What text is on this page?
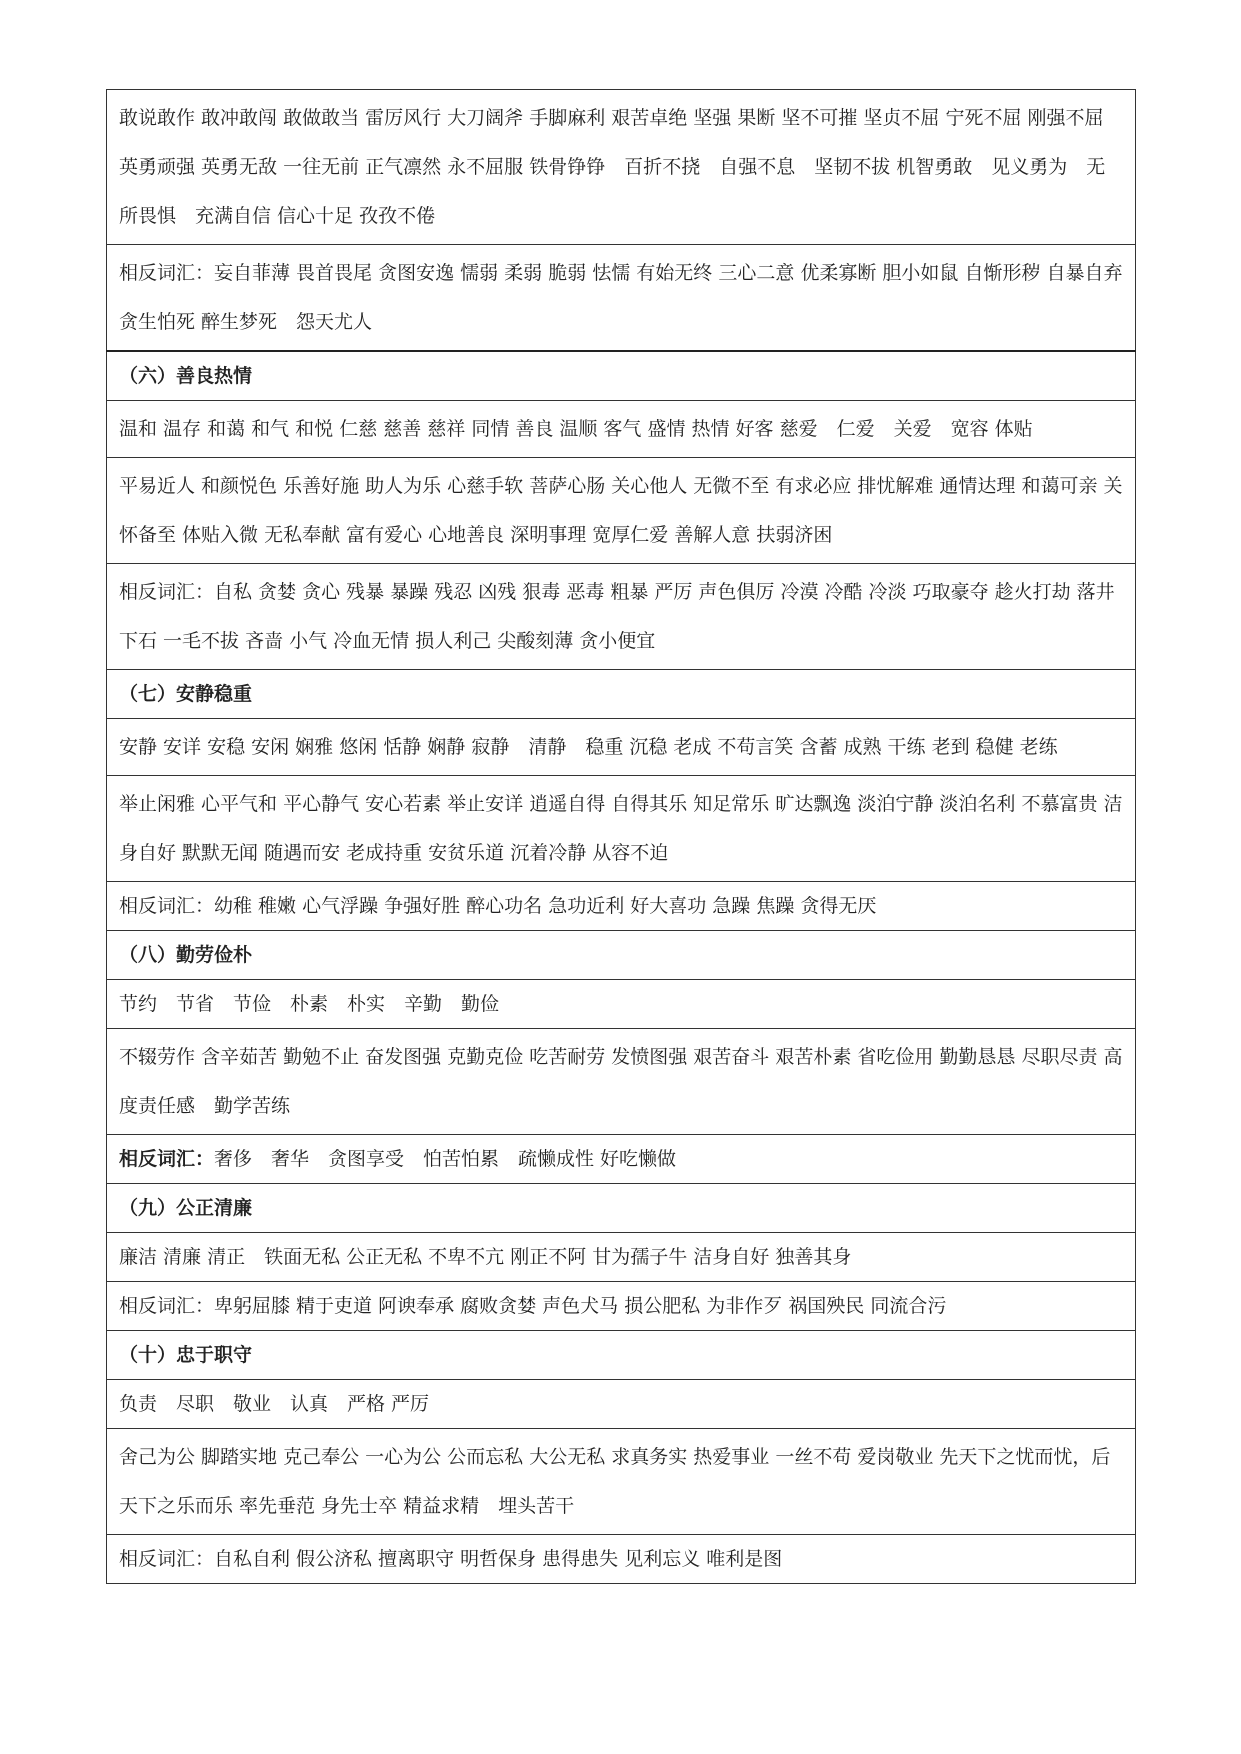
敢说敢作 敢冲敢闯 敢做敢当 雷厉风行 大刀阔斧 手脚麻利 艰苦卓绝 坚强 果断 坚不可摧 坚贞不屈 宁死不屈 刚强不屈 英勇顽强 英勇无敌 一往无前 正气凛然 永不屈服 铁骨铮铮　百折不挠　自强不息　坚韧不拔 机智勇敢　见义勇为　无所畏惧　充满自信 信心十足 孜孜不倦
相反词汇：妄自菲薄 畏首畏尾 贪图安逸 懦弱 柔弱 脆弱 怯懦 有始无终 三心二意 优柔寡断 胆小如鼠 自惭形秽 自暴自弃 贪生怕死 醉生梦死　怨天尤人
（六）善良热情
温和 温存 和蔼 和气 和悦 仁慈 慈善 慈祥 同情 善良 温顺 客气 盛情 热情 好客 慈爱　仁爱　关爱　宽容 体贴
平易近人 和颜悦色 乐善好施 助人为乐 心慈手软 菩萨心肠 关心他人 无微不至 有求必应 排忧解难 通情达理 和蔼可亲 关怀备至 体贴入微 无私奉献 富有爱心 心地善良 深明事理 宽厚仁爱 善解人意 扶弱济困
相反词汇：自私 贪婪 贪心 残暴 暴躁 残忍 凶残 狠毒 恶毒 粗暴 严厉 声色俱厉 冷漠 冷酷 冷淡 巧取豪夺 趁火打劫 落井下石 一毛不拔 吝啬 小气 冷血无情 损人利己 尖酸刻薄 贪小便宜
（七）安静稳重
安静 安详 安稳 安闲 娴雅 悠闲 恬静 娴静 寂静　清静　稳重 沉稳 老成 不苟言笑 含蓄 成熟 干练 老到 稳健 老练
举止闲雅 心平气和 平心静气 安心若素 举止安详 逍遥自得 自得其乐 知足常乐 旷达飘逸 淡泊宁静 淡泊名利 不慕富贵 洁身自好 默默无闻 随遇而安 老成持重 安贫乐道 沉着冷静 从容不迫
相反词汇：幼稚 稚嫩 心气浮躁 争强好胜 醉心功名 急功近利 好大喜功 急躁 焦躁 贪得无厌
（八）勤劳俭朴
节约　节省　节俭　朴素　朴实　辛勤　勤俭
不辍劳作 含辛茹苦 勤勉不止 奋发图强 克勤克俭 吃苦耐劳 发愤图强 艰苦奋斗 艰苦朴素 省吃俭用 勤勤恳恳 尽职尽责 高度责任感　勤学苦练
相反词汇：奢侈　奢华　贪图享受　怕苦怕累　疏懒成性 好吃懒做
（九）公正清廉
廉洁 清廉 清正　铁面无私 公正无私 不卑不亢 刚正不阿 甘为孺子牛 洁身自好 独善其身
相反词汇：卑躬屈膝 精于吏道 阿谀奉承 腐败贪婪 声色犬马 损公肥私 为非作歹 祸国殃民 同流合污
（十）忠于职守
负责　尽职　敬业　认真　严格 严厉
舍己为公 脚踏实地 克己奉公 一心为公 公而忘私 大公无私 求真务实 热爱事业 一丝不苟 爱岗敬业 先天下之忧而忧，后天下之乐而乐 率先垂范 身先士卒 精益求精　埋头苦干
相反词汇：自私自利 假公济私 擅离职守 明哲保身 患得患失 见利忘义 唯利是图
